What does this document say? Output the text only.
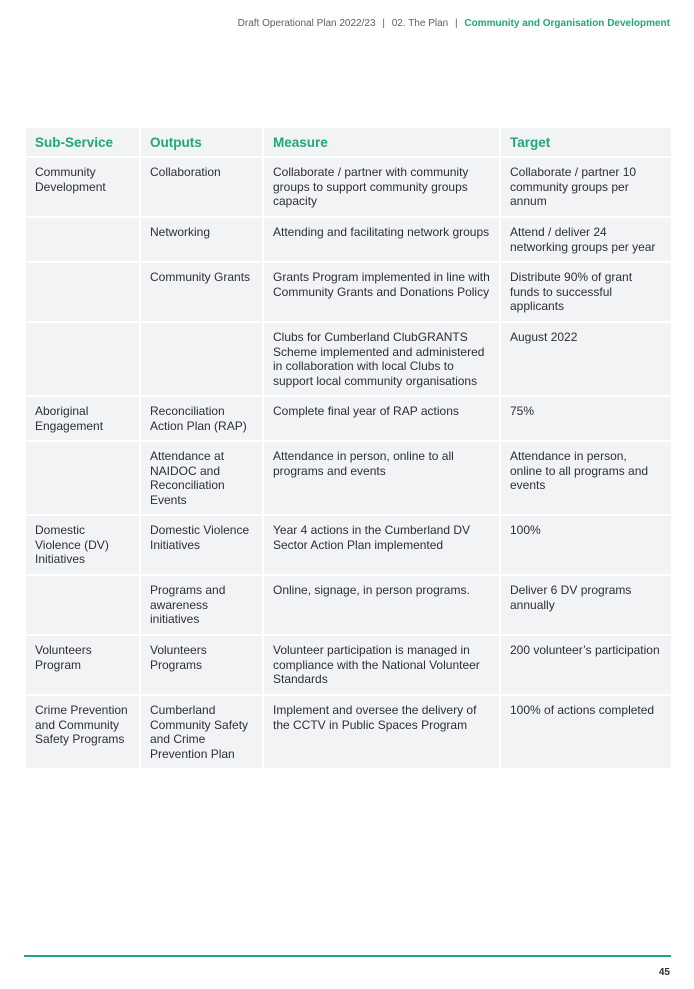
Draft Operational Plan 2022/23 | 02. The Plan | Community and Organisation Development
Sub-Service	Outputs	Measure	Target
Community Development	Collaboration	Collaborate / partner with community groups to support community groups capacity	Collaborate / partner 10 community groups per annum
	Networking	Attending and facilitating network groups	Attend / deliver 24 networking groups per year
	Community Grants	Grants Program implemented in line with Community Grants and Donations Policy	Distribute 90% of grant funds to successful applicants
		Clubs for Cumberland ClubGRANTS Scheme implemented and administered in collaboration with local Clubs to support local community organisations	August 2022
Aboriginal Engagement	Reconciliation Action Plan (RAP)	Complete final year of RAP actions	75%
	Attendance at NAIDOC and Reconciliation Events	Attendance in person, online to all programs and events	Attendance in person, online to all programs and events
Domestic Violence (DV) Initiatives	Domestic Violence Initiatives	Year 4 actions in the Cumberland DV Sector Action Plan implemented	100%
	Programs and awareness initiatives	Online, signage, in person programs.	Deliver 6 DV programs annually
Volunteers Program	Volunteers Programs	Volunteer participation is managed in compliance with the National Volunteer Standards	200 volunteer’s participation
Crime Prevention and Community Safety Programs	Cumberland Community Safety and Crime Prevention Plan	Implement and oversee the delivery of the CCTV in Public Spaces Program	100% of actions completed
45
